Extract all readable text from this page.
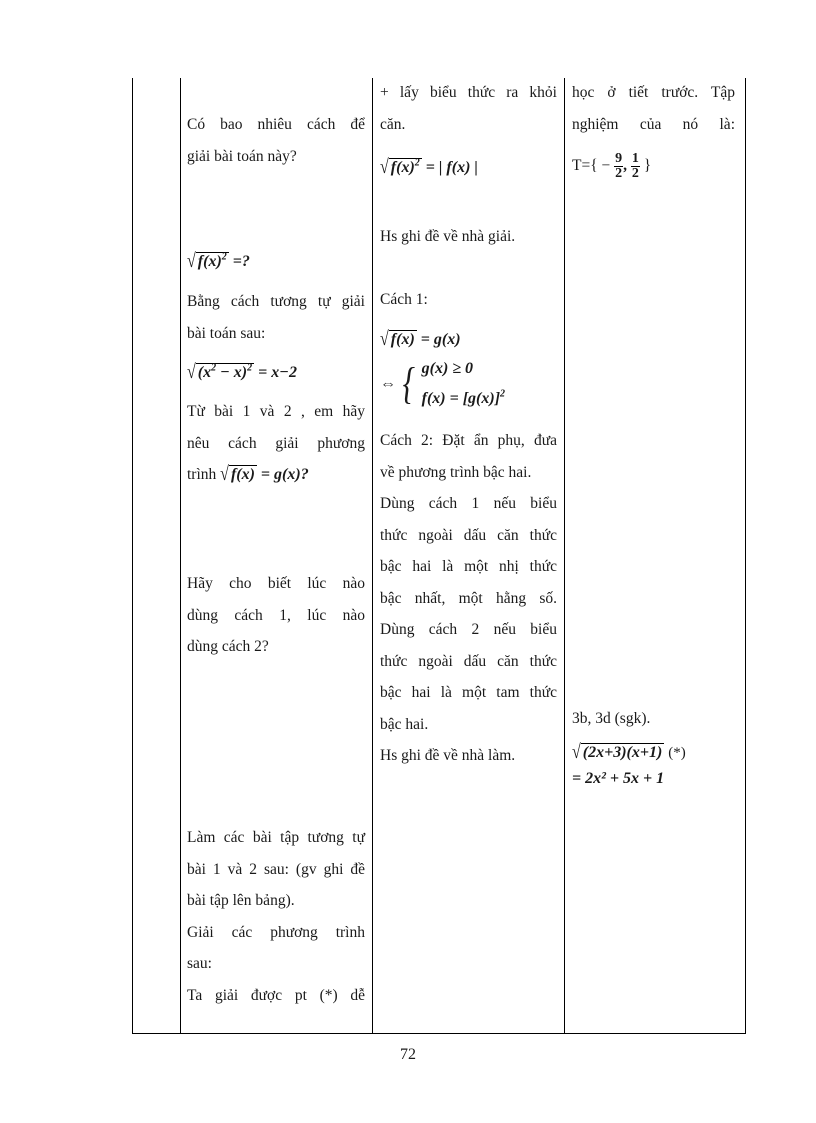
Có bao nhiêu cách để
giải bài toán này?
√ $f(x)^2$ =?
Bằng cách tương tự giải
bài toán sau:
√ $(x^2 - x)^2 = x-2$
Từ bài 1 và 2 , em hãy
nêu cách giải phương
trình √ f(x) = g(x)?
Hãy cho biết lúc nào
dùng cách 1, lúc nào
dùng cách 2?
Làm các bài tập tương tự
bài 1 và 2 sau: (gv ghi đề
bài tập lên bảng).
Giải các phương trình
sau:
Ta giải được pt (*) dễ
+ lấy biểu thức ra khỏi
căn.
√ $f(x)^2$ = | f(x) |
Hs ghi đề về nhà giải.
Cách 1:
√ f(x) = g(x)
⇔ { g(x) ≥ 0
$f(x) = [g(x)]^2$
Cách 2: Đặt ẩn phụ, đưa
về phương trình bậc hai.
Dùng cách 1 nếu biểu
thức ngoài dấu căn thức
bậc hai là một nhị thức
bậc nhất, một hằng số.
Dùng cách 2 nếu biểu
thức ngoài dấu căn thức
bậc hai là một tam thức
bậc hai.
Hs ghi đề về nhà làm.
học ở tiết trước. Tập
nghiệm của nó là:
$T=\{ - \frac{9}{2}$ , $\frac{1}{2}$ }
3b, 3d (sgk).
√ (2x+3)(x+1) (*)
= 2x² + 5x + 1
72
